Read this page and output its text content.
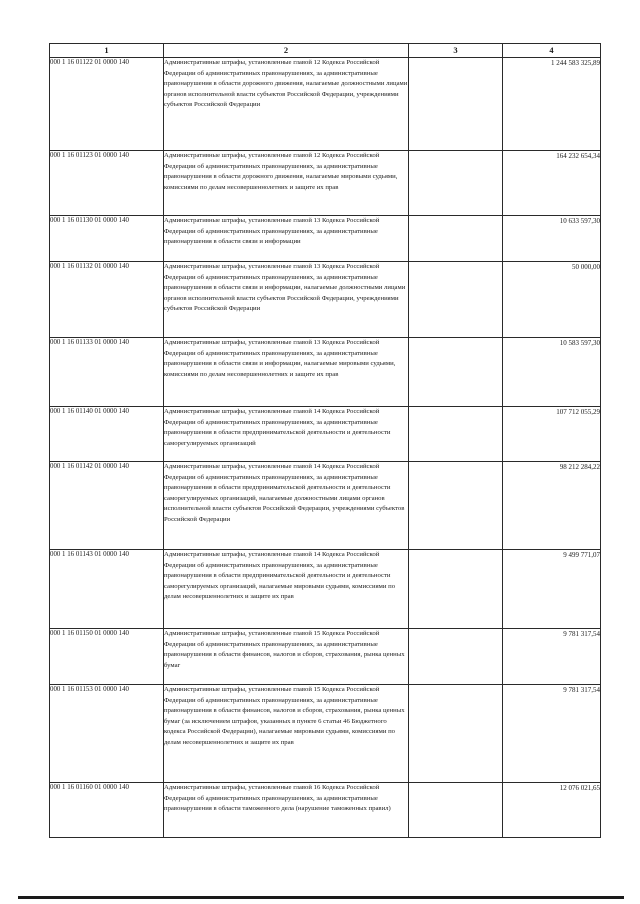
1	2	3	4
000 1 16 01122 01 0000 140	Административные штрафы, установленные главой 12 Кодекса Российской Федерации об административных правонарушениях, за административные правонарушения в области дорожного движения, налагаемые должностными лицами органов исполнительной власти субъектов Российской Федерации, учреждениями субъектов Российской Федерации		1 244 583 325,89
000 1 16 01123 01 0000 140	Административные штрафы, установленные главой 12 Кодекса Российской Федерации об административных правонарушениях, за административные правонарушения в области дорожного движения, налагаемые мировыми судьями, комиссиями по делам несовершеннолетних и защите их прав		164 232 654,34
000 1 16 01130 01 0000 140	Административные штрафы, установленные главой 13 Кодекса Российской Федерации об административных правонарушениях, за административные правонарушения в области связи и информации		10 633 597,30
000 1 16 01132 01 0000 140	Административные штрафы, установленные главой 13 Кодекса Российской Федерации об административных правонарушениях, за административные правонарушения в области связи и информации, налагаемые должностными лицами органов исполнительной власти субъектов Российской Федерации, учреждениями субъектов Российской Федерации		50 000,00
000 1 16 01133 01 0000 140	Административные штрафы, установленные главой 13 Кодекса Российской Федерации об административных правонарушениях, за административные правонарушения в области связи и информации, налагаемые мировыми судьями, комиссиями по делам несовершеннолетних и защите их прав		10 583 597,30
000 1 16 01140 01 0000 140	Административные штрафы, установленные главой 14 Кодекса Российской Федерации об административных правонарушениях, за административные правонарушения в области предпринимательской деятельности и деятельности саморегулируемых организаций		107 712 055,29
000 1 16 01142 01 0000 140	Административные штрафы, установленные главой 14 Кодекса Российской Федерации об административных правонарушениях, за административные правонарушения в области предпринимательской деятельности и деятельности саморегулируемых организаций, налагаемые должностными лицами органов исполнительной власти субъектов Российской Федерации, учреждениями субъектов Российской Федерации		98 212 284,22
000 1 16 01143 01 0000 140	Административные штрафы, установленные главой 14 Кодекса Российской Федерации об административных правонарушениях, за административные правонарушения в области предпринимательской деятельности и деятельности саморегулируемых организаций, налагаемые мировыми судьями, комиссиями по делам несовершеннолетних и защите их прав		9 499 771,07
000 1 16 01150 01 0000 140	Административные штрафы, установленные главой 15 Кодекса Российской Федерации об административных правонарушениях, за административные правонарушения в области финансов, налогов и сборов, страхования, рынка ценных бумаг		9 781 317,54
000 1 16 01153 01 0000 140	Административные штрафы, установленные главой 15 Кодекса Российской Федерации об административных правонарушениях, за административные правонарушения в области финансов, налогов и сборов, страхования, рынка ценных бумаг (за исключением штрафов, указанных в пункте 6 статьи 46 Бюджетного кодекса Российской Федерации), налагаемые мировыми судьями, комиссиями по делам несовершеннолетних и защите их прав		9 781 317,54
000 1 16 01160 01 0000 140	Административные штрафы, установленные главой 16 Кодекса Российской Федерации об административных правонарушениях, за административные правонарушения в области таможенного дела (нарушение таможенных правил)		12 076 021,65
